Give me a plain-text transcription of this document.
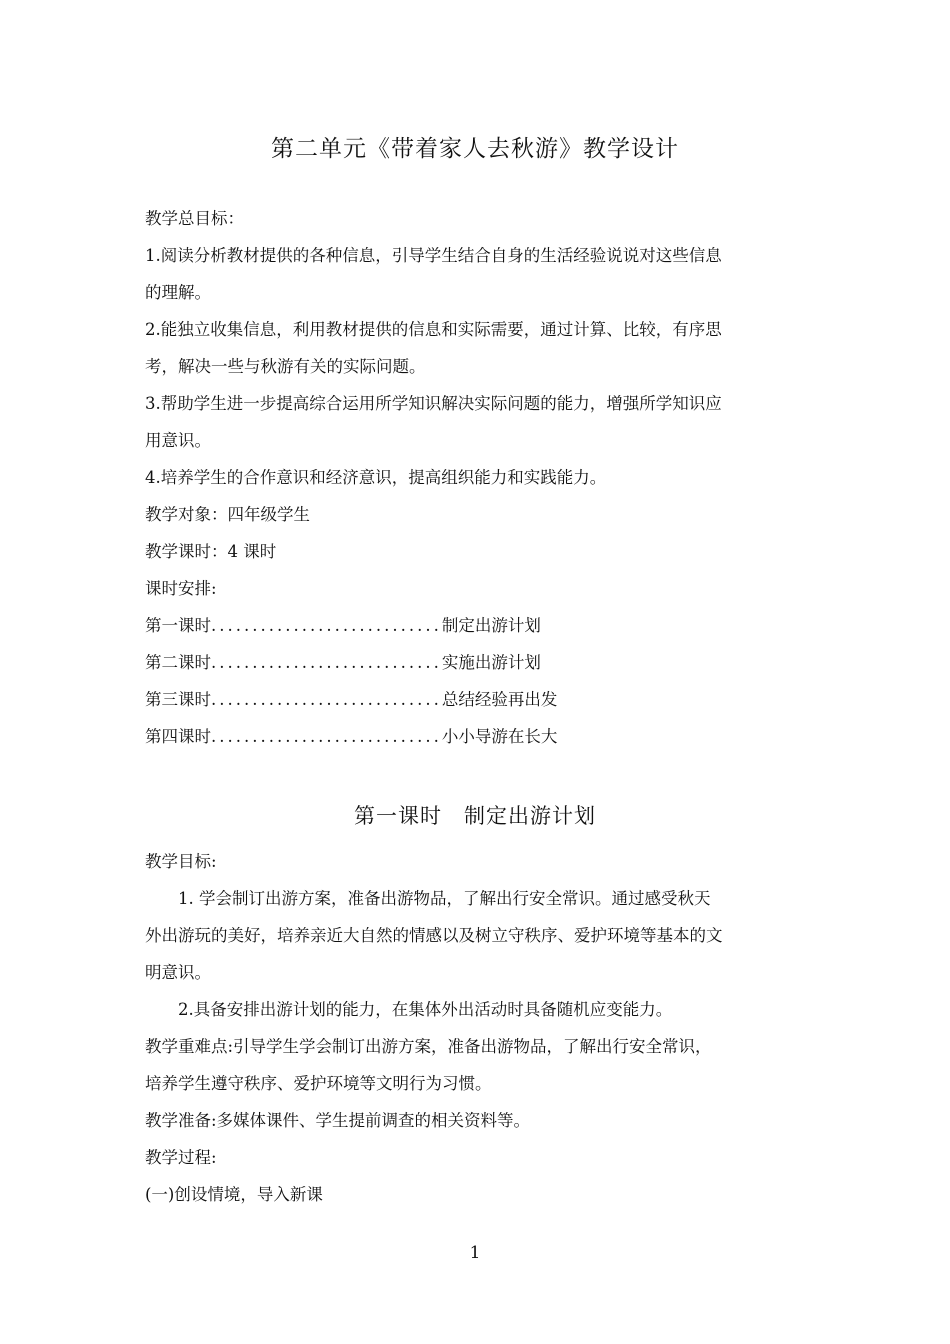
第二单元《带着家人去秋游》教学设计

教学总目标：

1.阅读分析教材提供的各种信息，引导学生结合自身的生活经验说说对这些信息

的理解。

2.能独立收集信息，利用教材提供的信息和实际需要，通过计算、比较，有序思

考，解决一些与秋游有关的实际问题。

3.帮助学生进一步提高综合运用所学知识解决实际问题的能力，增强所学知识应

用意识。

4.培养学生的合作意识和经济意识，提高组织能力和实践能力。

教学对象：四年级学生

教学课时：4 课时

课时安排:

第一课时 ............................ 制定出游计划
第二课时 ............................ 实施出游计划
第三课时 ............................ 总结经验再出发
第四课时 ............................ 小小导游在长大
第一课时　制定出游计划

教学目标:

1. 学会制订出游方案，准备出游物品，了解出行安全常识。通过感受秋天

外出游玩的美好，培养亲近大自然的情感以及树立守秩序、爱护环境等基本的文

明意识。

2.具备安排出游计划的能力，在集体外出活动时具备随机应变能力。

教学重难点:引导学生学会制订出游方案，准备出游物品，了解出行安全常识，

培养学生遵守秩序、爱护环境等文明行为习惯。

教学准备:多媒体课件、学生提前调查的相关资料等。

教学过程:

(一)创设情境，导入新课

1
